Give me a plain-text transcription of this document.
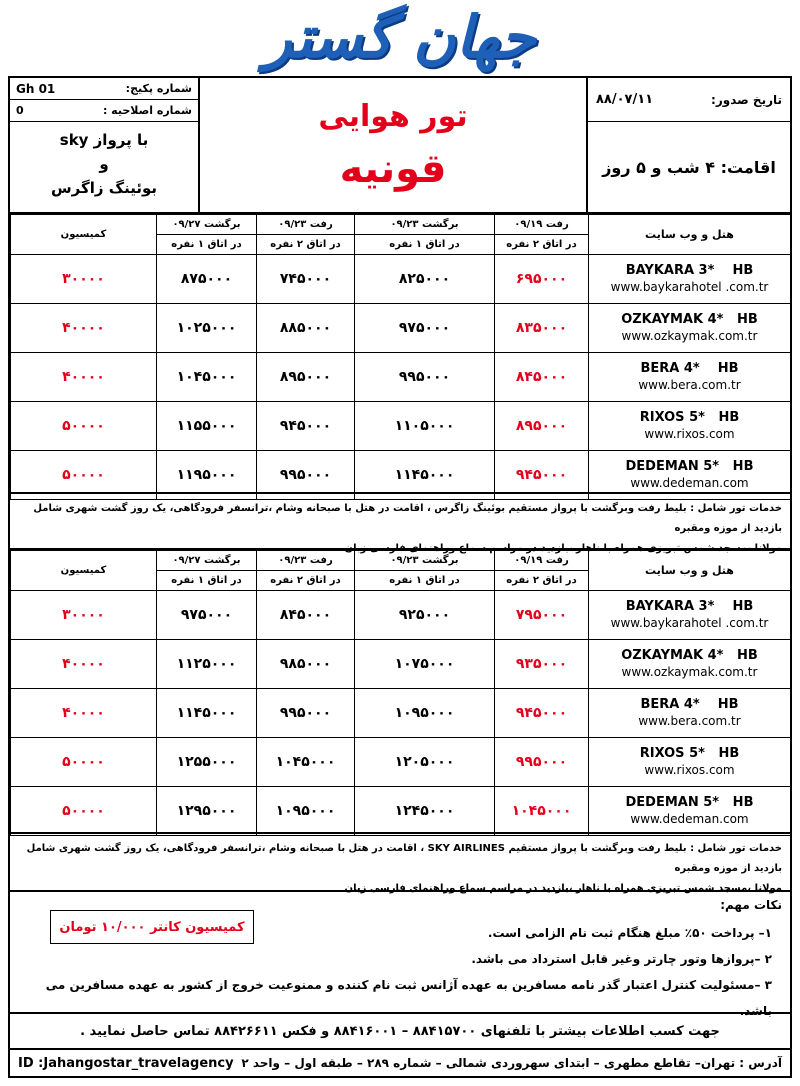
جهان گستر
شماره پکیج:
Gh 01
شماره اصلاحیه :
0
با پرواز sky
و
بوئینگ زاگرس
تور هوایی
قونیه
تاریخ صدور:
۸۸/۰۷/۱۱
اقامت: ۴ شب و ۵ روز
هتل و وب سایت	رفت ۰۹/۱۹	برگشت ۰۹/۲۳	رفت ۰۹/۲۳	برگشت ۰۹/۲۷	کمیسیون
	در اتاق ۲ نفره	در اتاق ۱ نفره	در اتاق ۲ نفره	در اتاق ۱ نفره	

BAYKARA 3*    HB
www.baykarahotel .com.tr	۶۹۵۰۰۰	۸۲۵۰۰۰	۷۴۵۰۰۰	۸۷۵۰۰۰	۳۰۰۰۰

OZKAYMAK 4*   HB
www.ozkaymak.com.tr	۸۳۵۰۰۰	۹۷۵۰۰۰	۸۸۵۰۰۰	۱۰۲۵۰۰۰	۴۰۰۰۰

BERA 4*    HB
www.bera.com.tr	۸۴۵۰۰۰	۹۹۵۰۰۰	۸۹۵۰۰۰	۱۰۴۵۰۰۰	۴۰۰۰۰

RIXOS 5*   HB
www.rixos.com	۸۹۵۰۰۰	۱۱۰۵۰۰۰	۹۴۵۰۰۰	۱۱۵۵۰۰۰	۵۰۰۰۰

DEDEMAN 5*   HB
www.dedeman.com	۹۴۵۰۰۰	۱۱۴۵۰۰۰	۹۹۵۰۰۰	۱۱۹۵۰۰۰	۵۰۰۰۰
خدمات تور شامل : بلیط رفت وبرگشت با پرواز مستقیم بوئینگ زاگرس ، اقامت در هتل با صبحانه وشام ،ترانسفر فرودگاهی، یک روز گشت شهری شامل بازدید از موزه ومقبره
مولانا ،مسجد شمس تبریزی همراه با ناهار ،بازدید در مراسم سماع وراهنمای فارسی زبان .
هتل و وب سایت	رفت ۰۹/۱۹	برگشت ۰۹/۲۳	رفت ۰۹/۲۳	برگشت ۰۹/۲۷	کمیسیون
	در اتاق ۲ نفره	در اتاق ۱ نفره	در اتاق ۲ نفره	در اتاق ۱ نفره	

BAYKARA 3*    HB
www.baykarahotel .com.tr	۷۹۵۰۰۰	۹۲۵۰۰۰	۸۴۵۰۰۰	۹۷۵۰۰۰	۳۰۰۰۰

OZKAYMAK 4*   HB
www.ozkaymak.com.tr	۹۳۵۰۰۰	۱۰۷۵۰۰۰	۹۸۵۰۰۰	۱۱۲۵۰۰۰	۴۰۰۰۰

BERA 4*    HB
www.bera.com.tr	۹۴۵۰۰۰	۱۰۹۵۰۰۰	۹۹۵۰۰۰	۱۱۴۵۰۰۰	۴۰۰۰۰

RIXOS 5*   HB
www.rixos.com	۹۹۵۰۰۰	۱۲۰۵۰۰۰	۱۰۴۵۰۰۰	۱۲۵۵۰۰۰	۵۰۰۰۰

DEDEMAN 5*   HB
www.dedeman.com	۱۰۴۵۰۰۰	۱۲۴۵۰۰۰	۱۰۹۵۰۰۰	۱۲۹۵۰۰۰	۵۰۰۰۰
خدمات تور شامل : بلیط رفت وبرگشت با پرواز مستقیم SKY AIRLINES ، اقامت در هتل با صبحانه وشام ،ترانسفر فرودگاهی، یک روز گشت شهری شامل بازدید از موزه ومقبره
مولانا ،مسجد شمس تبریزی همراه با ناهار ،بازدید در مراسم سماع وراهنمای فارسی زبان
نکات مهم:
۱– پرداخت ۵۰٪ مبلغ هنگام ثبت نام الزامی است.
۲ –پروازها وتور چارتر وغیر قابل استرداد می باشد.
۳ –مسئولیت کنترل اعتبار گذر نامه مسافرین به عهده آژانس ثبت نام کننده و ممنوعیت خروج از کشور به عهده مسافرین می باشد.
کمیسیون کانتر ۱۰/۰۰۰ تومان
جهت کسب اطلاعات بیشتر با تلفنهای ۸۸۴۱۵۷۰۰ – ۸۸۴۱۶۰۰۱ و فکس ۸۸۴۲۶۶۱۱ تماس حاصل نمایید .
آدرس : تهران– تقاطع مطهری – ابتدای سهروردی شمالی – شماره ۲۸۹ – طبقه اول – واحد ۲
ID :Jahangostar_travelagency
